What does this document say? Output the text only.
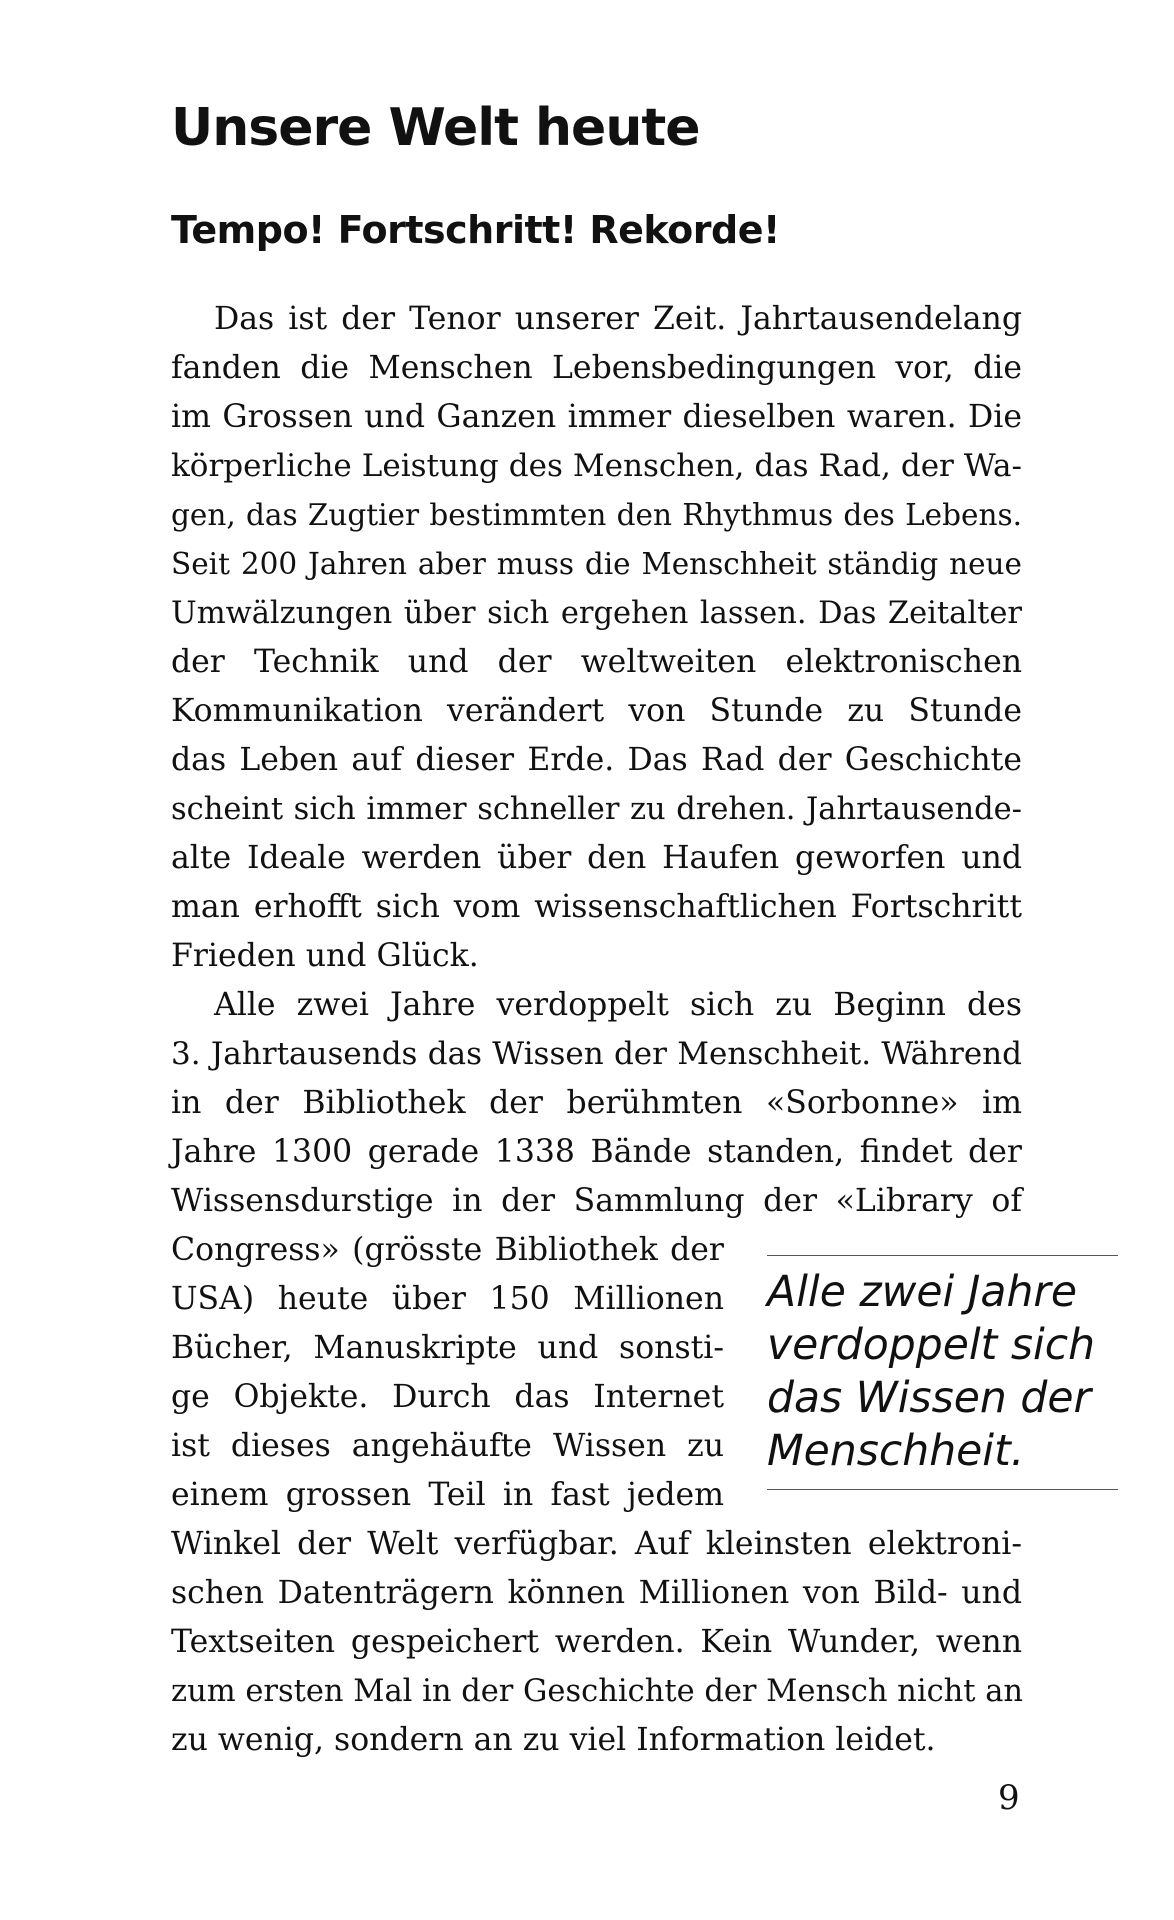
Unsere Welt heute
Tempo! Fortschritt! Rekorde!
Das ist der Tenor unserer Zeit. Jahrtausendelang
fanden die Menschen Lebensbedingungen vor, die
im Grossen und Ganzen immer dieselben waren. Die
körperliche Leistung des Menschen, das Rad, der Wa-
gen, das Zugtier bestimmten den Rhythmus des Lebens.
Seit 200 Jahren aber muss die Menschheit ständig neue
Umwälzungen über sich ergehen lassen. Das Zeitalter
der Technik und der weltweiten elektronischen
Kommunikation verändert von Stunde zu Stunde
das Leben auf dieser Erde. Das Rad der Geschichte
scheint sich immer schneller zu drehen. Jahrtausende-
alte Ideale werden über den Haufen geworfen und
man erhofft sich vom wissenschaftlichen Fortschritt
Frieden und Glück.
Alle zwei Jahre verdoppelt sich zu Beginn des
3. Jahrtausends das Wissen der Menschheit. Während
in der Bibliothek der berühmten «Sorbonne» im
Jahre 1300 gerade 1338 Bände standen, findet der
Wissensdurstige in der Sammlung der «Library of
Congress» (grösste Bibliothek der
USA) heute über 150 Millionen
Bücher, Manuskripte und sonsti-
ge Objekte. Durch das Internet
ist dieses angehäufte Wissen zu
einem grossen Teil in fast jedem
Winkel der Welt verfügbar. Auf kleinsten elektroni-
schen Datenträgern können Millionen von Bild- und
Textseiten gespeichert werden. Kein Wunder, wenn
zum ersten Mal in der Geschichte der Mensch nicht an
zu wenig, sondern an zu viel Information leidet.
Alle zwei Jahre
verdoppelt sich
das Wissen der
Menschheit.
9
